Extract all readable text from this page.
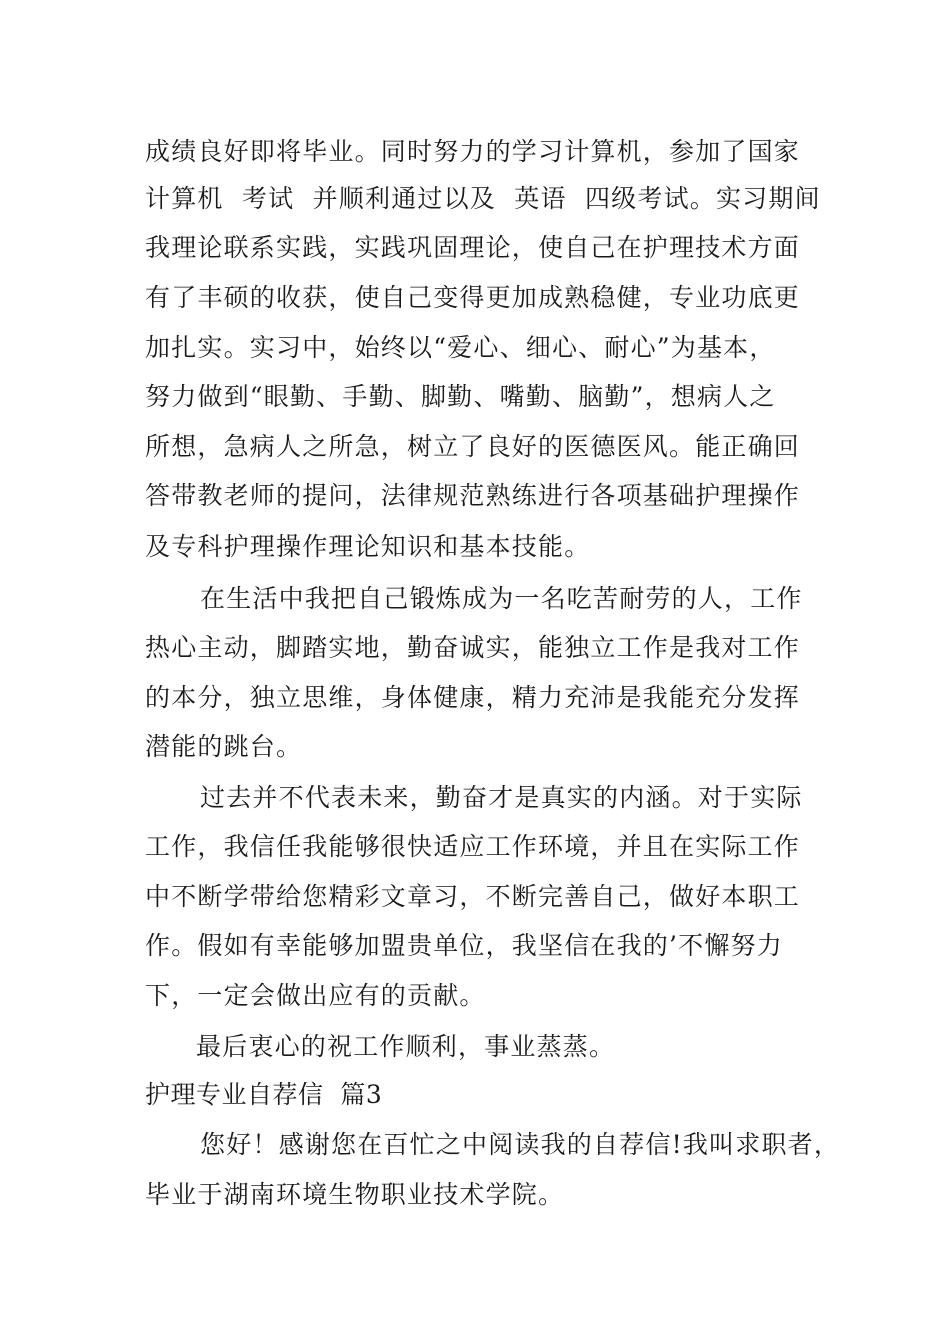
成绩良好即将毕业。同时努力的学习计算机，参加了国家
计算机  考试  并顺利通过以及  英语  四级考试。实习期间
我理论联系实践，实践巩固理论，使自己在护理技术方面
有了丰硕的收获，使自己变得更加成熟稳健，专业功底更
加扎实。实习中，始终以“爱心、细心、耐心”为基本，
努力做到“眼勤、手勤、脚勤、嘴勤、脑勤”，想病人之
所想，急病人之所急，树立了良好的医德医风。能正确回
答带教老师的提问，法律规范熟练进行各项基础护理操作
及专科护理操作理论知识和基本技能。
在生活中我把自己锻炼成为一名吃苦耐劳的人，工作
热心主动，脚踏实地，勤奋诚实，能独立工作是我对工作
的本分，独立思维，身体健康，精力充沛是我能充分发挥
潜能的跳台。
过去并不代表未来，勤奋才是真实的内涵。对于实际
工作，我信任我能够很快适应工作环境，并且在实际工作
中不断学带给您精彩文章习，不断完善自己，做好本职工
作。假如有幸能够加盟贵单位，我坚信在我的’不懈努力
下，一定会做出应有的贡献。
最后衷心的祝工作顺利，事业蒸蒸。
护理专业自荐信  篇3
您好！感谢您在百忙之中阅读我的自荐信!我叫求职者，
毕业于湖南环境生物职业技术学院。
